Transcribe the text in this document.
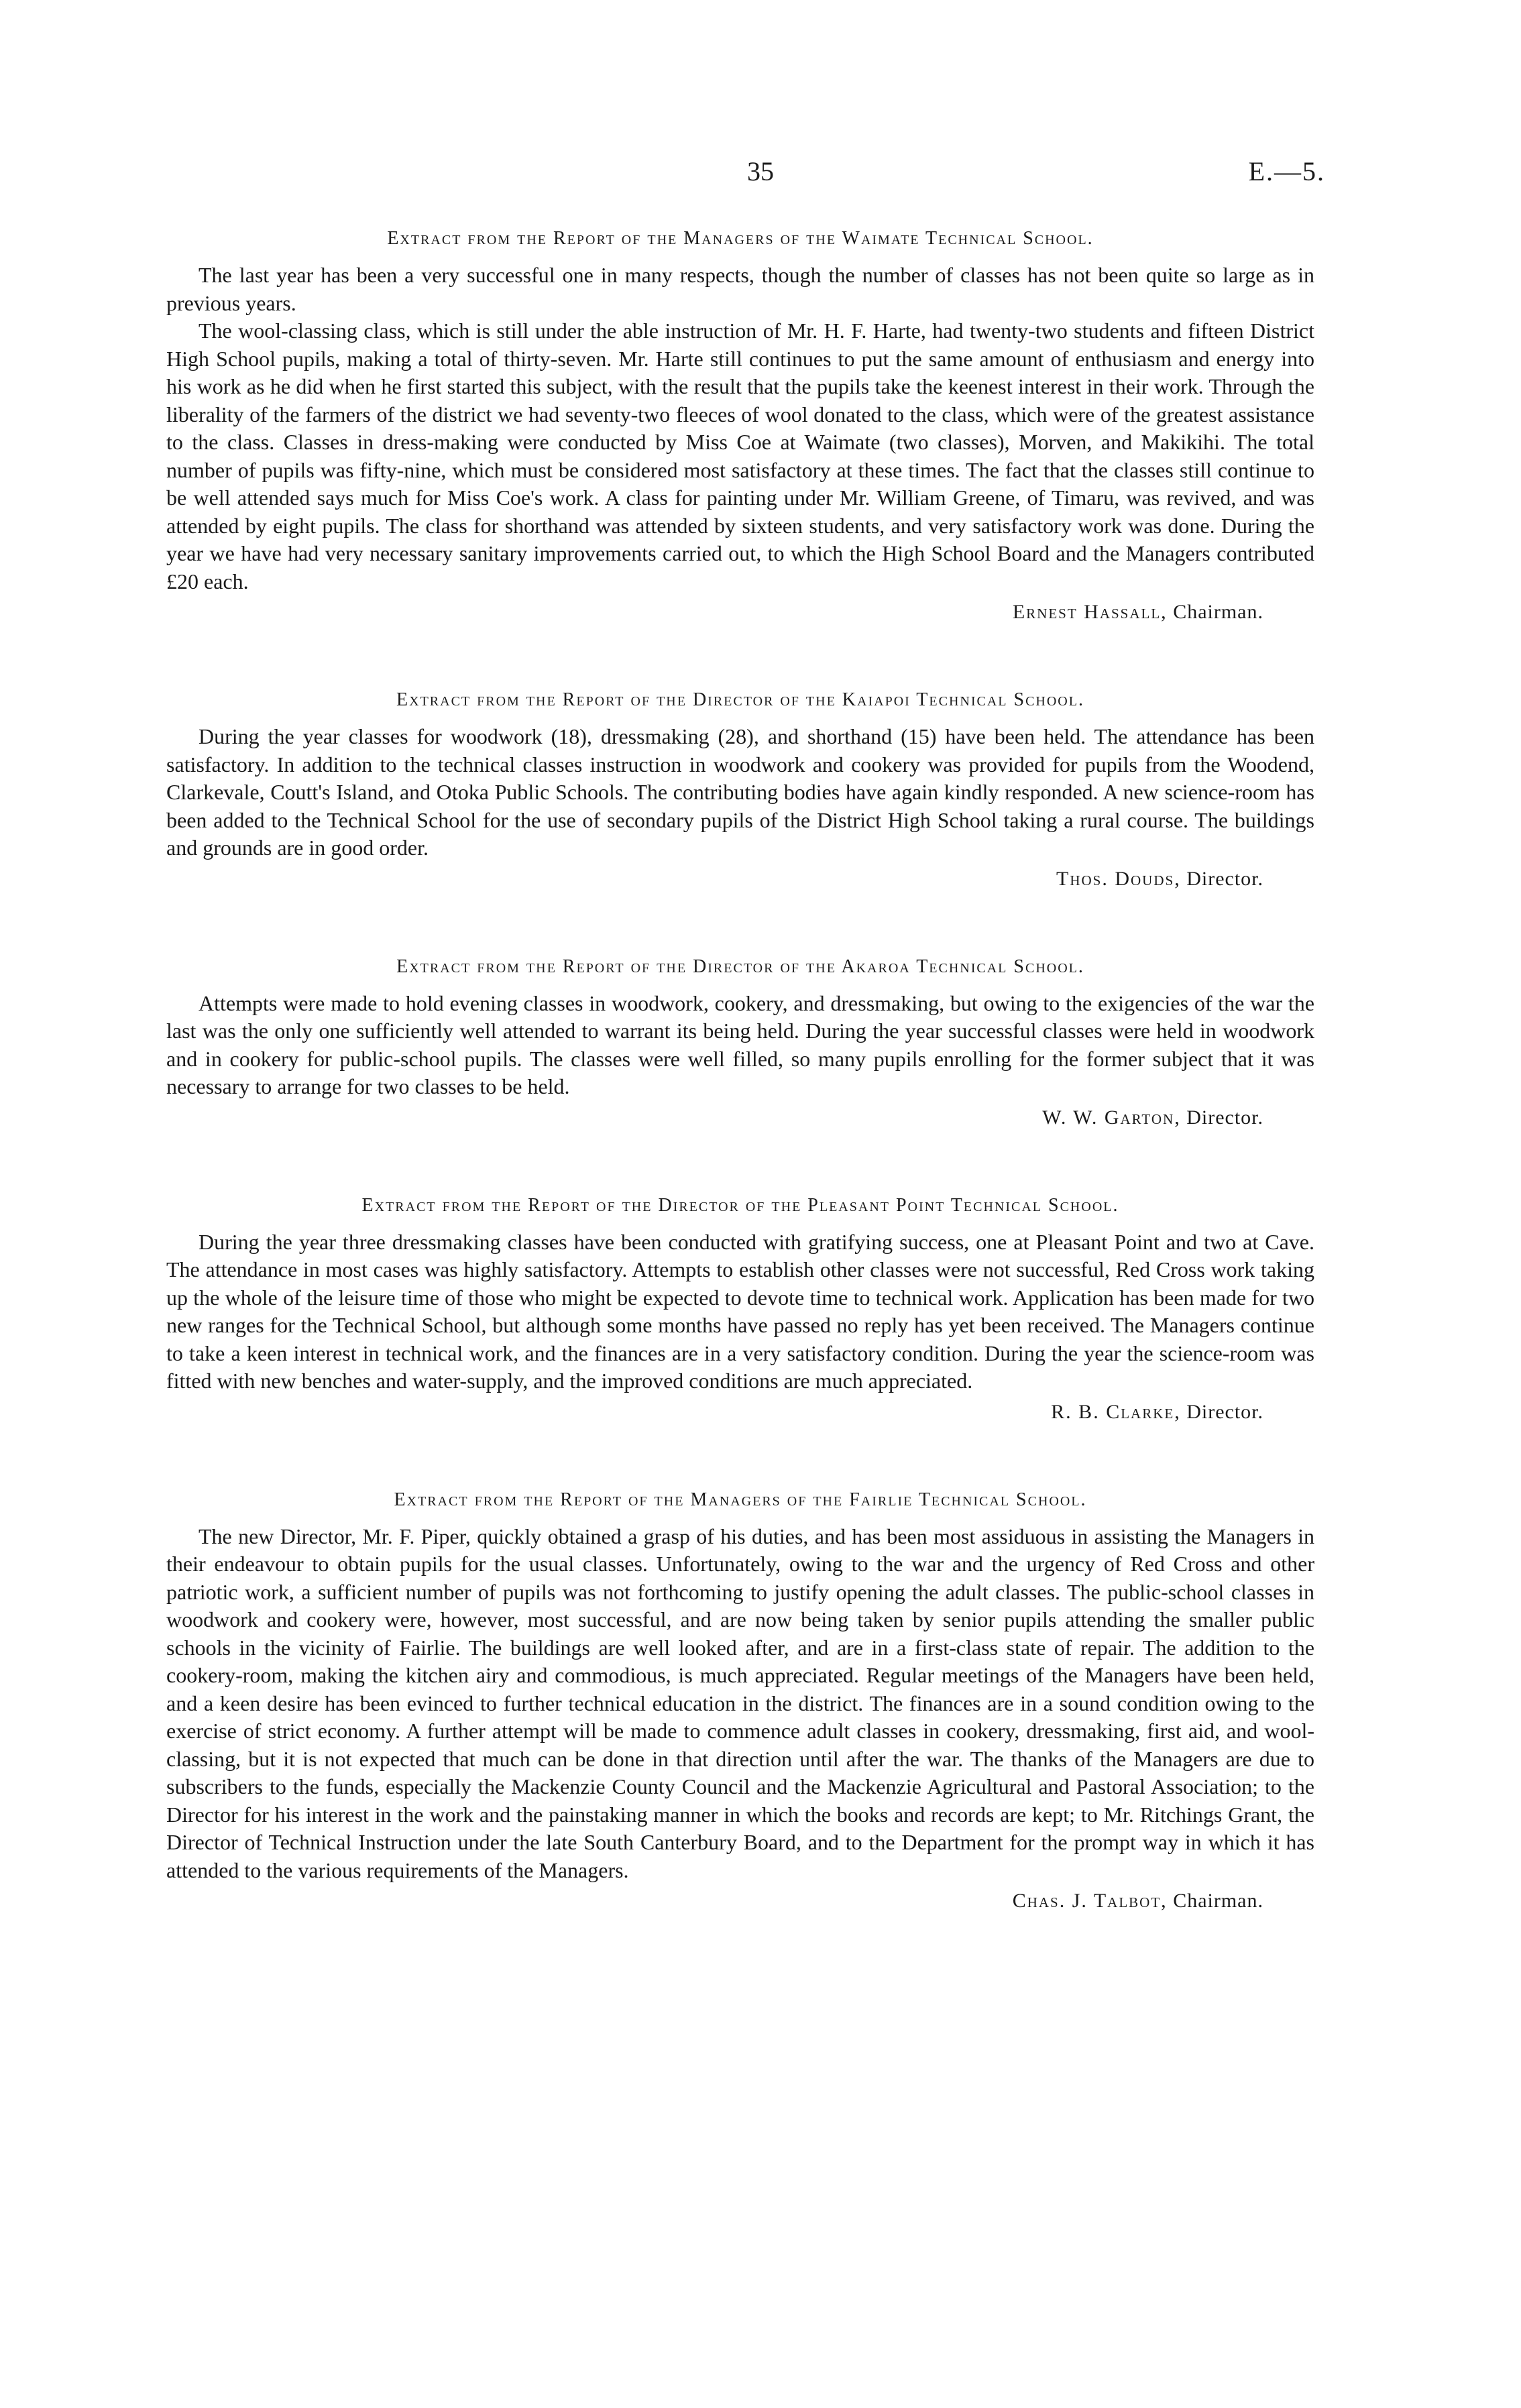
35	E.—5.
Extract from the Report of the Managers of the Waimate Technical School.

The last year has been a very successful one in many respects, though the number of classes has not been quite so large as in previous years.

The wool-classing class, which is still under the able instruction of Mr. H. F. Harte, had twenty-two students and fifteen District High School pupils, making a total of thirty-seven. Mr. Harte still continues to put the same amount of enthusiasm and energy into his work as he did when he first started this subject, with the result that the pupils take the keenest interest in their work. Through the liberality of the farmers of the district we had seventy-two fleeces of wool donated to the class, which were of the greatest assistance to the class. Classes in dress-making were conducted by Miss Coe at Waimate (two classes), Morven, and Makikihi. The total number of pupils was fifty-nine, which must be considered most satisfactory at these times. The fact that the classes still continue to be well attended says much for Miss Coe's work. A class for painting under Mr. William Greene, of Timaru, was revived, and was attended by eight pupils. The class for shorthand was attended by sixteen students, and very satisfactory work was done. During the year we have had very necessary sanitary improvements carried out, to which the High School Board and the Managers contributed £20 each.

Ernest Hassall, Chairman.
Extract from the Report of the Director of the Kaiapoi Technical School.

During the year classes for woodwork (18), dressmaking (28), and shorthand (15) have been held. The attendance has been satisfactory. In addition to the technical classes instruction in woodwork and cookery was provided for pupils from the Woodend, Clarkevale, Coutt's Island, and Otoka Public Schools. The contributing bodies have again kindly responded. A new science-room has been added to the Technical School for the use of secondary pupils of the District High School taking a rural course. The buildings and grounds are in good order.

Thos. Douds, Director.
Extract from the Report of the Director of the Akaroa Technical School.

Attempts were made to hold evening classes in woodwork, cookery, and dressmaking, but owing to the exigencies of the war the last was the only one sufficiently well attended to warrant its being held. During the year successful classes were held in woodwork and in cookery for public-school pupils. The classes were well filled, so many pupils enrolling for the former subject that it was necessary to arrange for two classes to be held.

W. W. Garton, Director.
Extract from the Report of the Director of the Pleasant Point Technical School.

During the year three dressmaking classes have been conducted with gratifying success, one at Pleasant Point and two at Cave. The attendance in most cases was highly satisfactory. Attempts to establish other classes were not successful, Red Cross work taking up the whole of the leisure time of those who might be expected to devote time to technical work. Application has been made for two new ranges for the Technical School, but although some months have passed no reply has yet been received. The Managers continue to take a keen interest in technical work, and the finances are in a very satisfactory condition. During the year the science-room was fitted with new benches and water-supply, and the improved conditions are much appreciated.

R. B. Clarke, Director.
Extract from the Report of the Managers of the Fairlie Technical School.

The new Director, Mr. F. Piper, quickly obtained a grasp of his duties, and has been most assiduous in assisting the Managers in their endeavour to obtain pupils for the usual classes. Unfortunately, owing to the war and the urgency of Red Cross and other patriotic work, a sufficient number of pupils was not forthcoming to justify opening the adult classes. The public-school classes in woodwork and cookery were, however, most successful, and are now being taken by senior pupils attending the smaller public schools in the vicinity of Fairlie. The buildings are well looked after, and are in a first-class state of repair. The addition to the cookery-room, making the kitchen airy and commodious, is much appreciated. Regular meetings of the Managers have been held, and a keen desire has been evinced to further technical education in the district. The finances are in a sound condition owing to the exercise of strict economy. A further attempt will be made to commence adult classes in cookery, dressmaking, first aid, and wool-classing, but it is not expected that much can be done in that direction until after the war. The thanks of the Managers are due to subscribers to the funds, especially the Mackenzie County Council and the Mackenzie Agricultural and Pastoral Association; to the Director for his interest in the work and the painstaking manner in which the books and records are kept; to Mr. Ritchings Grant, the Director of Technical Instruction under the late South Canterbury Board, and to the Department for the prompt way in which it has attended to the various requirements of the Managers.

Chas. J. Talbot, Chairman.
